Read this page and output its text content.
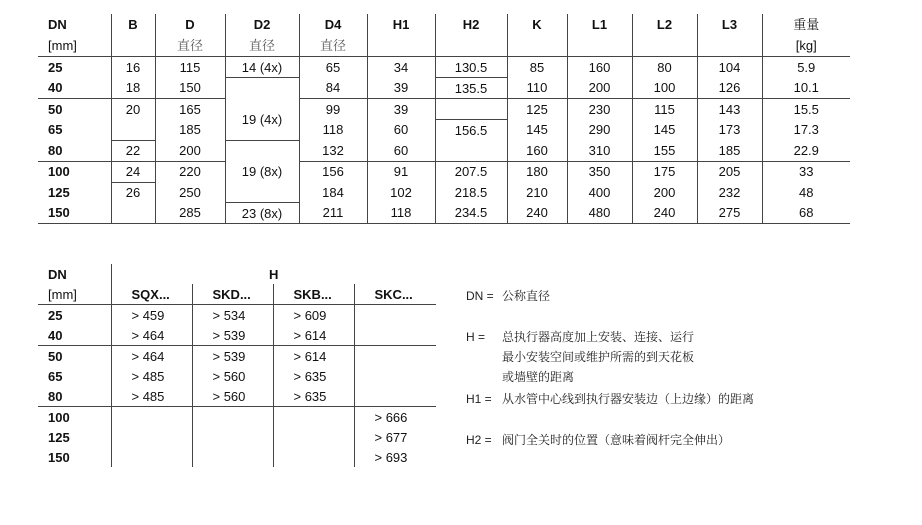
DN	B	D	D2	D4	H1	H2	K	L1	L2	L3	重量
[mm]		直径	直径	直径							[kg]
25	16	115	14 (4x)	65	34	130.5	85	160	80	104	5.9
40	18	150		84	39	135.5	110	200	100	126	10.1
50	20	165	19 (4x)	99	39		125	230	115	143	15.5
65		185		118	60	156.5	145	290	145	173	17.3
80	22	200		132	60		160	310	155	185	22.9
100	24	220	19 (8x)	156	91	207.5	180	350	175	205	33
125	26	250		184	102	218.5	210	400	200	232	48
150		285	23 (8x)	211	118	234.5	240	480	240	275	68
DN	H			
[mm]	SQX...	SKD...	SKB...	SKC...
25	> 459	> 534	> 609	
40	> 464	> 539	> 614	
50	> 464	> 539	> 614	
65	> 485	> 560	> 635	
80	> 485	> 560	> 635	
100				> 666
125				> 677
150				> 693
DN = 公称直径
H = 总执行器高度加上安装、连接、运行
最小安装空间或维护所需的到天花板
或墙壁的距离
H1 = 从水管中心线到执行器安装边（上边缘）的距离
H2 = 阀门全关时的位置（意味着阀杆完全伸出）
